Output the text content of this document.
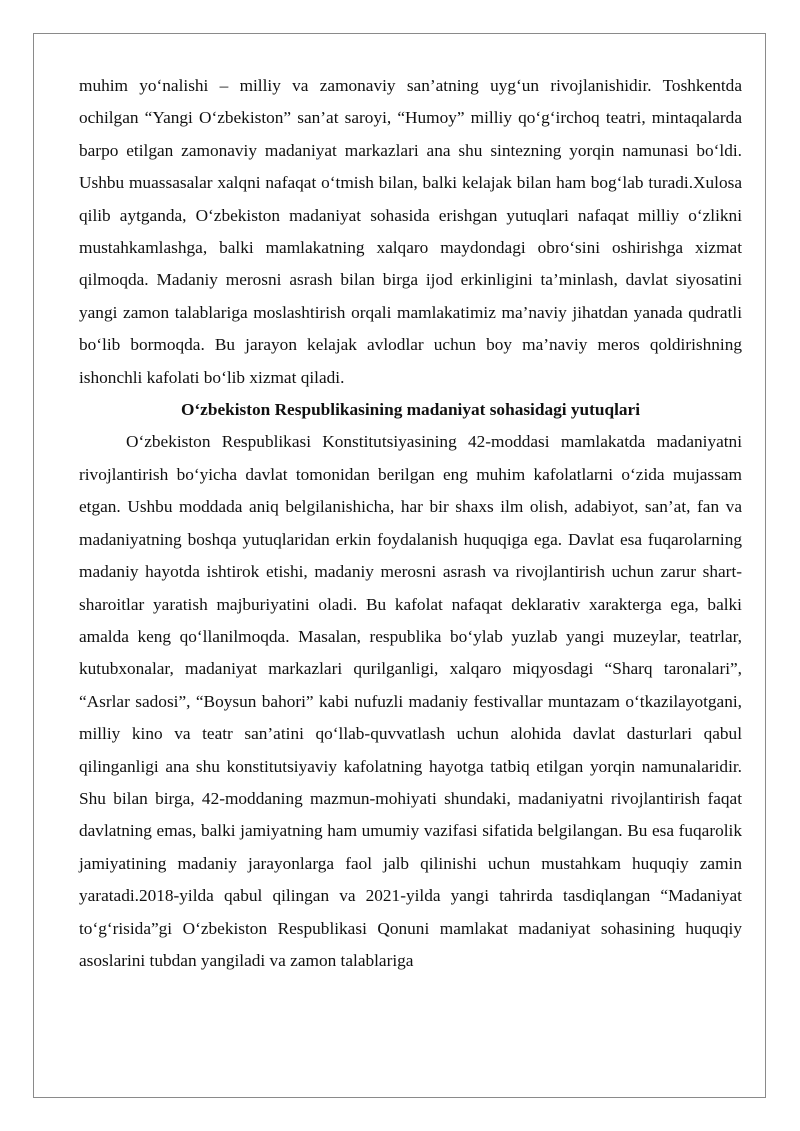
muhim yo‘nalishi – milliy va zamonaviy san’atning uyg‘un rivojlanishidir. Toshkentda ochilgan “Yangi O‘zbekiston” san’at saroyi, “Humoy” milliy qo‘g‘irchoq teatri, mintaqalarda barpo etilgan zamonaviy madaniyat markazlari ana shu sintezning yorqin namunasi bo‘ldi. Ushbu muassasalar xalqni nafaqat o‘tmish bilan, balki kelajak bilan ham bog‘lab turadi.Xulosa qilib aytganda, O‘zbekiston madaniyat sohasida erishgan yutuqlari nafaqat milliy o‘zlikni mustahkamlashga, balki mamlakatning xalqaro maydondagi obro‘sini oshirishga xizmat qilmoqda. Madaniy merosni asrash bilan birga ijod erkinligini ta’minlash, davlat siyosatini yangi zamon talablariga moslashtirish orqali mamlakatimiz ma’naviy jihatdan yanada qudratli bo‘lib bormoqda. Bu jarayon kelajak avlodlar uchun boy ma’naviy meros qoldirishning ishonchli kafolati bo‘lib xizmat qiladi.

O‘zbekiston Respublikasining madaniyat sohasidagi yutuqlari

O‘zbekiston Respublikasi Konstitutsiyasining 42-moddasi mamlakatda madaniyatni rivojlantirish bo‘yicha davlat tomonidan berilgan eng muhim kafolatlarni o‘zida mujassam etgan. Ushbu moddada aniq belgilanishicha, har bir shaxs ilm olish, adabiyot, san’at, fan va madaniyatning boshqa yutuqlaridan erkin foydalanish huquqiga ega. Davlat esa fuqarolarning madaniy hayotda ishtirok etishi, madaniy merosni asrash va rivojlantirish uchun zarur shart-sharoitlar yaratish majburiyatini oladi. Bu kafolat nafaqat deklarativ xarakterga ega, balki amalda keng qo‘llanilmoqda. Masalan, respublika bo‘ylab yuzlab yangi muzeylar, teatrlar, kutubxonalar, madaniyat markazlari qurilganligi, xalqaro miqyosdagi “Sharq taronalari”, “Asrlar sadosi”, “Boysun bahori” kabi nufuzli madaniy festivallar muntazam o‘tkazilayotgani, milliy kino va teatr san’atini qo‘llab-quvvatlash uchun alohida davlat dasturlari qabul qilinganligi ana shu konstitutsiyaviy kafolatning hayotga tatbiq etilgan yorqin namunalaridir. Shu bilan birga, 42-moddaning mazmun-mohiyati shundaki, madaniyatni rivojlantirish faqat davlatning emas, balki jamiyatning ham umumiy vazifasi sifatida belgilangan. Bu esa fuqarolik jamiyatining madaniy jarayonlarga faol jalb qilinishi uchun mustahkam huquqiy zamin yaratadi.2018-yilda qabul qilingan va 2021-yilda yangi tahrirda tasdiqlangan “Madaniyat to‘g‘risida”gi O‘zbekiston Respublikasi Qonuni mamlakat madaniyat sohasining huquqiy asoslarini tubdan yangiladi va zamon talablariga
